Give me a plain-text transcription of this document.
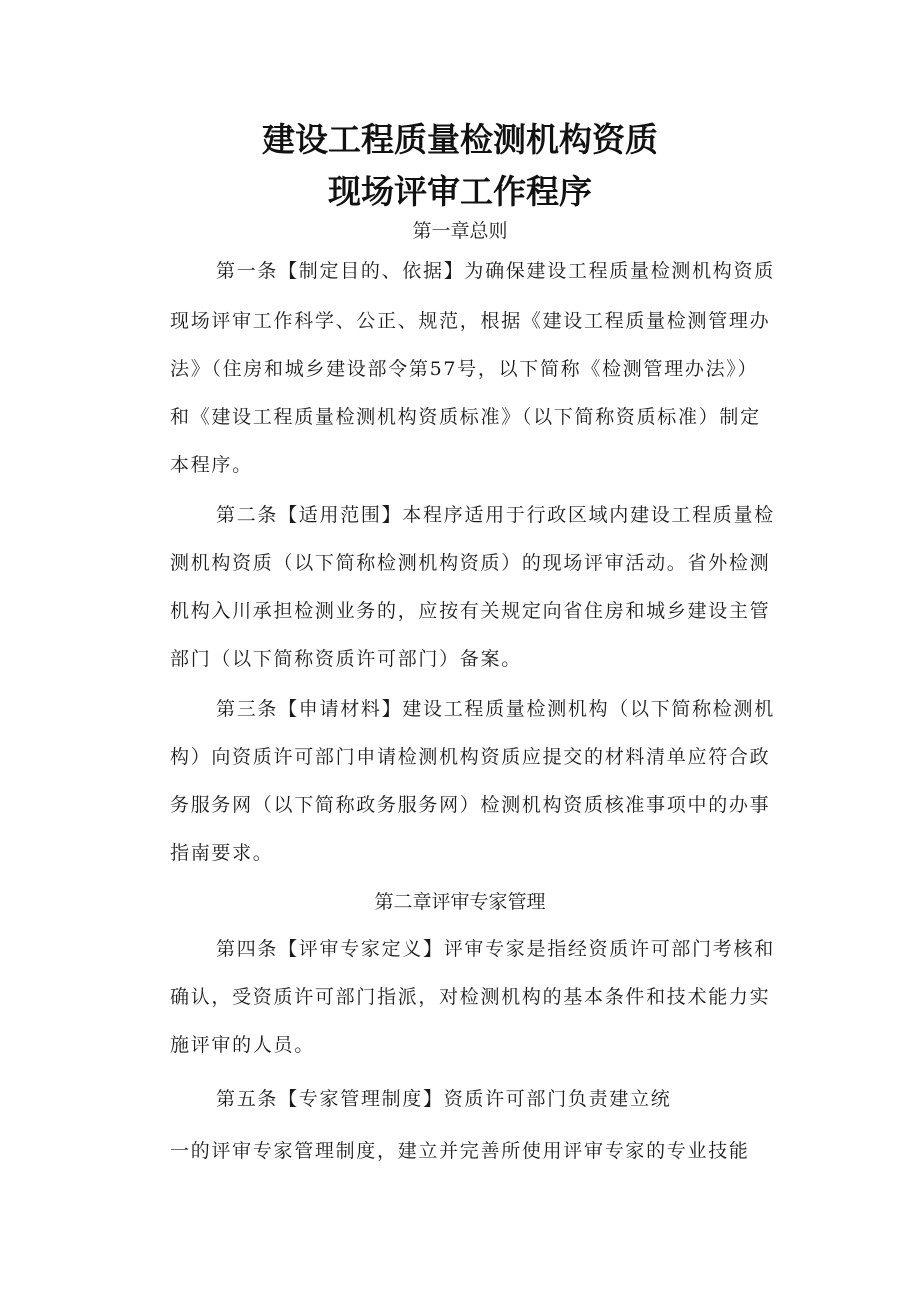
建设工程质量检测机构资质
现场评审工作程序
第一章总则
第一条【制定目的、依据】为确保建设工程质量检测机构资质
现场评审工作科学、公正、规范，根据《建设工程质量检测管理办
法》（住房和城乡建设部令第57号，以下简称《检测管理办法》）
和《建设工程质量检测机构资质标准》（以下简称资质标准）制定
本程序。
第二条【适用范围】本程序适用于行政区域内建设工程质量检
测机构资质（以下简称检测机构资质）的现场评审活动。省外检测
机构入川承担检测业务的，应按有关规定向省住房和城乡建设主管
部门（以下简称资质许可部门）备案。
第三条【申请材料】建设工程质量检测机构（以下简称检测机
构）向资质许可部门申请检测机构资质应提交的材料清单应符合政
务服务网（以下简称政务服务网）检测机构资质核准事项中的办事
指南要求。
第二章评审专家管理
第四条【评审专家定义】评审专家是指经资质许可部门考核和
确认，受资质许可部门指派，对检测机构的基本条件和技术能力实
施评审的人员。
第五条【专家管理制度】资质许可部门负责建立统
一的评审专家管理制度，建立并完善所使用评审专家的专业技能
